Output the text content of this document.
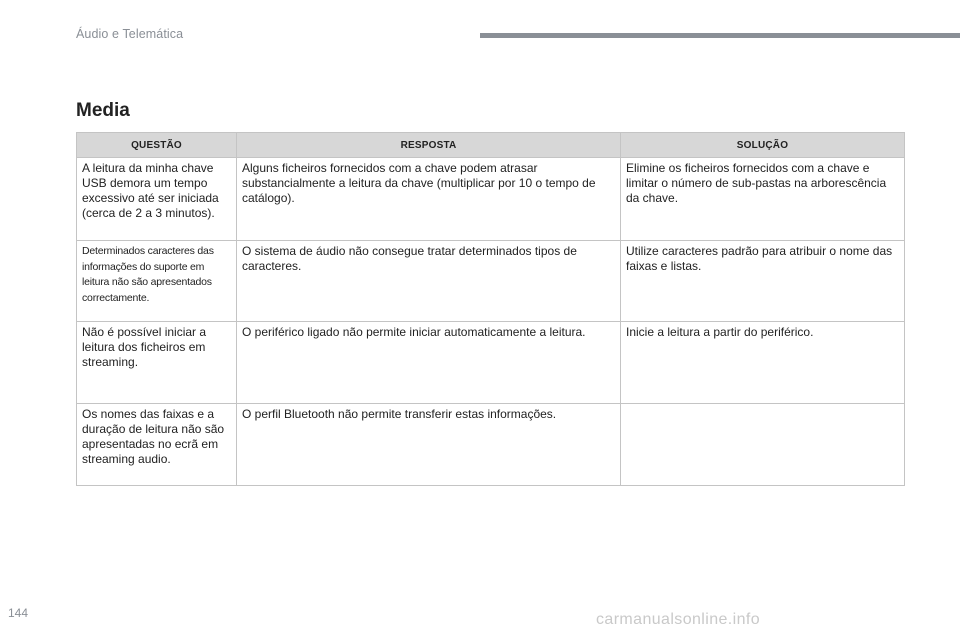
Áudio e Telemática
Media
QUESTÃO	RESPOSTA	SOLUÇÃO
A leitura da minha chave USB demora um tempo excessivo até ser iniciada (cerca de 2 a 3 minutos).	Alguns ficheiros fornecidos com a chave podem atrasar substancialmente a leitura da chave (multiplicar por 10 o tempo de catálogo).	Elimine os ficheiros fornecidos com a chave e limitar o número de sub-pastas na arborescência da chave.
Determinados caracteres das informações do suporte em leitura não são apresentados correctamente.	O sistema de áudio não consegue tratar determinados tipos de caracteres.	Utilize caracteres padrão para atribuir o nome das faixas e listas.
Não é possível iniciar a leitura dos ficheiros em streaming.	O periférico ligado não permite iniciar automaticamente a leitura.	Inicie a leitura a partir do periférico.
Os nomes das faixas e a duração de leitura não são apresentadas no ecrã em streaming audio.	O perfil Bluetooth não permite transferir estas informações.	
144	carmanualsonline.info
